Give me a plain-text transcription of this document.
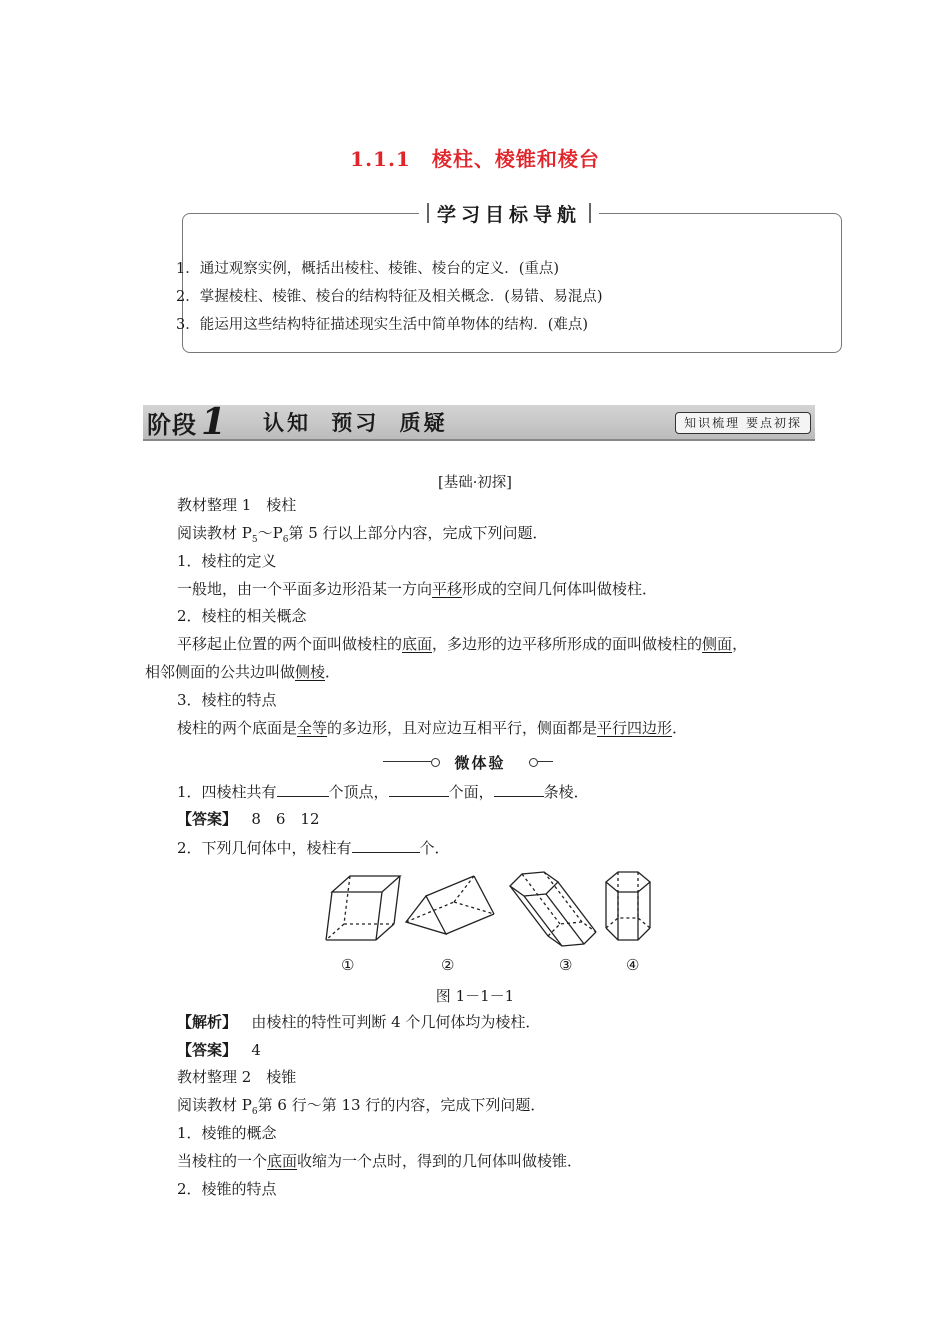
1.1.1　棱柱、棱锥和棱台
学习目标导航
1．通过观察实例，概括出棱柱、棱锥、棱台的定义．(重点)
2．掌握棱柱、棱锥、棱台的结构特征及相关概念．(易错、易混点)
3．能运用这些结构特征描述现实生活中简单物体的结构．(难点)
阶段 1 认知 预习 质疑	知识梳理 要点初探
[基础·初探]
教材整理 1　棱柱
阅读教材 $P_5\sim P_6$第 5 行以上部分内容，完成下列问题．
1．棱柱的定义
一般地，由一个平面多边形沿某一方向平移形成的空间几何体叫做棱柱．
2．棱柱的相关概念
平移起止位置的两个面叫做棱柱的底面，多边形的边平移所形成的面叫做棱柱的侧面，
相邻侧面的公共边叫做侧棱．
3．棱柱的特点
棱柱的两个底面是全等的多边形，且对应边互相平行，侧面都是平行四边形．
微体验
1．四棱柱共有	个顶点，	个面，	条棱．
【答案】 8　6　12
2．下列几何体中，棱柱有	个．
①	②	③	④
图 1－1－1
【解析】 由棱柱的特性可判断 4 个几何体均为棱柱．
【答案】 4
教材整理 2　棱锥
阅读教材 $P_6$第 6 行～第 13 行的内容，完成下列问题．
1．棱锥的概念
当棱柱的一个底面收缩为一个点时，得到的几何体叫做棱锥．
2．棱锥的特点
